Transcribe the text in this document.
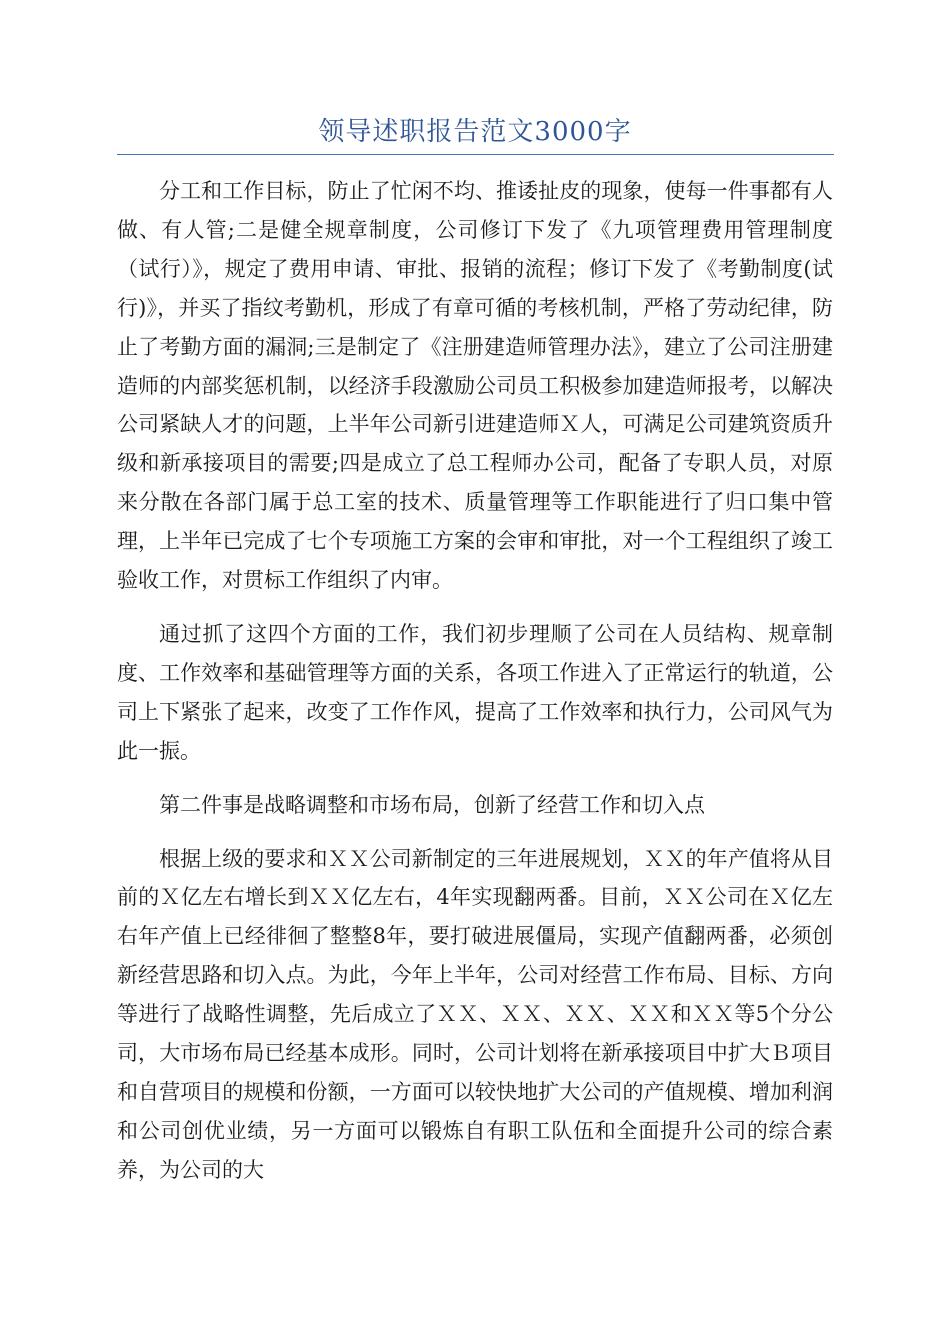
领导述职报告范文3000字

分工和工作目标，防止了忙闲不均、推诿扯皮的现象，使每一件事都有人做、有人管;二是健全规章制度，公司修订下发了《九项管理费用管理制度（试行）》，规定了费用申请、审批、报销的流程；修订下发了《考勤制度(试行)》，并买了指纹考勤机，形成了有章可循的考核机制，严格了劳动纪律，防止了考勤方面的漏洞;三是制定了《注册建造师管理办法》，建立了公司注册建造师的内部奖惩机制，以经济手段激励公司员工积极参加建造师报考，以解决公司紧缺人才的问题，上半年公司新引进建造师Ｘ人，可满足公司建筑资质升级和新承接项目的需要;四是成立了总工程师办公司，配备了专职人员，对原来分散在各部门属于总工室的技术、质量管理等工作职能进行了归口集中管理，上半年已完成了七个专项施工方案的会审和审批，对一个工程组织了竣工验收工作，对贯标工作组织了内审。

通过抓了这四个方面的工作，我们初步理顺了公司在人员结构、规章制度、工作效率和基础管理等方面的关系，各项工作进入了正常运行的轨道，公司上下紧张了起来，改变了工作作风，提高了工作效率和执行力，公司风气为此一振。

第二件事是战略调整和市场布局，创新了经营工作和切入点

根据上级的要求和ＸＸ公司新制定的三年进展规划，ＸＸ的年产值将从目前的Ｘ亿左右增长到ＸＸ亿左右，4年实现翻两番。目前，ＸＸ公司在Ｘ亿左右年产值上已经徘徊了整整8年，要打破进展僵局，实现产值翻两番，必须创新经营思路和切入点。为此，今年上半年，公司对经营工作布局、目标、方向等进行了战略性调整，先后成立了ＸＸ、ＸＸ、ＸＸ、ＸＸ和ＸＸ等5个分公司，大市场布局已经基本成形。同时，公司计划将在新承接项目中扩大Ｂ项目和自营项目的规模和份额，一方面可以较快地扩大公司的产值规模、增加利润和公司创优业绩，另一方面可以锻炼自有职工队伍和全面提升公司的综合素养，为公司的大
